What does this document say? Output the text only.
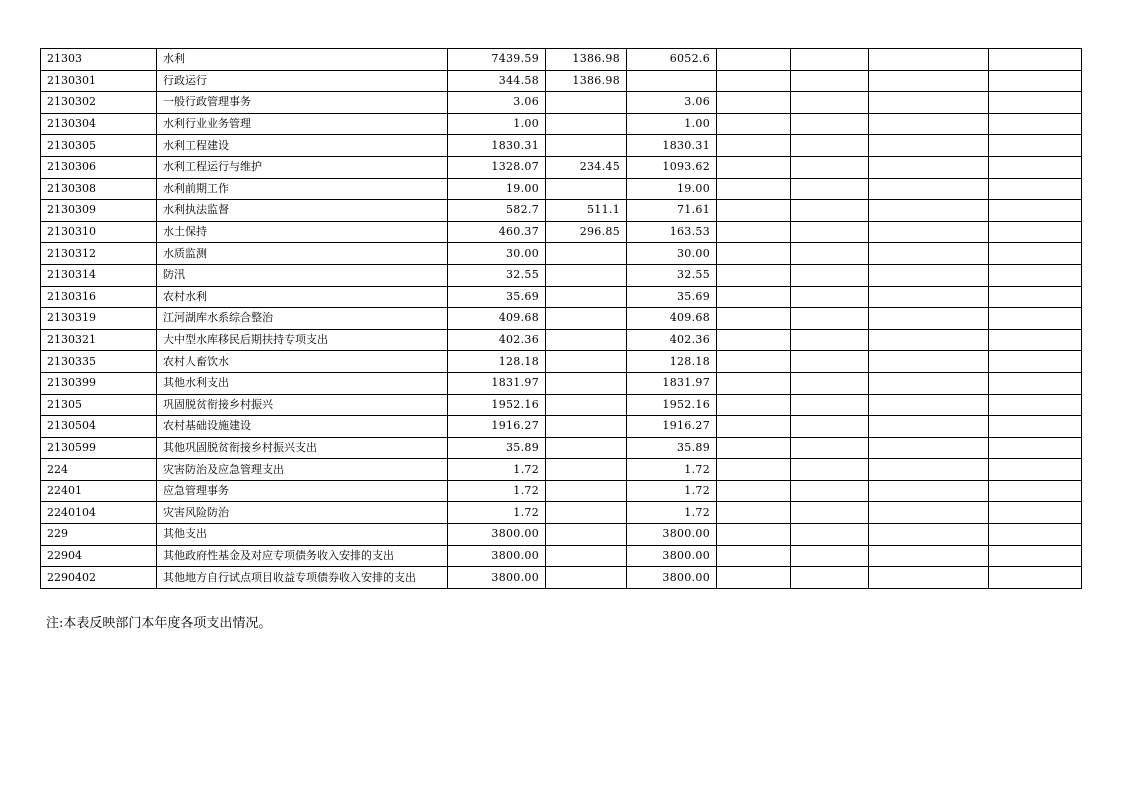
21303	水利	7439.59	1386.98	6052.6				
2130301	行政运行	344.58	1386.98					
2130302	一般行政管理事务	3.06		3.06				
2130304	水利行业业务管理	1.00		1.00				
2130305	水利工程建设	1830.31		1830.31				
2130306	水利工程运行与维护	1328.07	234.45	1093.62				
2130308	水利前期工作	19.00		19.00				
2130309	水利执法监督	582.7	511.1	71.61				
2130310	水土保持	460.37	296.85	163.53				
2130312	水质监测	30.00		30.00				
2130314	防汛	32.55		32.55				
2130316	农村水利	35.69		35.69				
2130319	江河湖库水系综合整治	409.68		409.68				
2130321	大中型水库移民后期扶持专项支出	402.36		402.36				
2130335	农村人畜饮水	128.18		128.18				
2130399	其他水利支出	1831.97		1831.97				
21305	巩固脱贫衔接乡村振兴	1952.16		1952.16				
2130504	农村基础设施建设	1916.27		1916.27				
2130599	其他巩固脱贫衔接乡村振兴支出	35.89		35.89				
224	灾害防治及应急管理支出	1.72		1.72				
22401	应急管理事务	1.72		1.72				
2240104	灾害风险防治	1.72		1.72				
229	其他支出	3800.00		3800.00				
22904	其他政府性基金及对应专项债务收入安排的支出	3800.00		3800.00				
2290402	其他地方自行试点项目收益专项债券收入安排的支出	3800.00		3800.00				
注:本表反映部门本年度各项支出情况。
